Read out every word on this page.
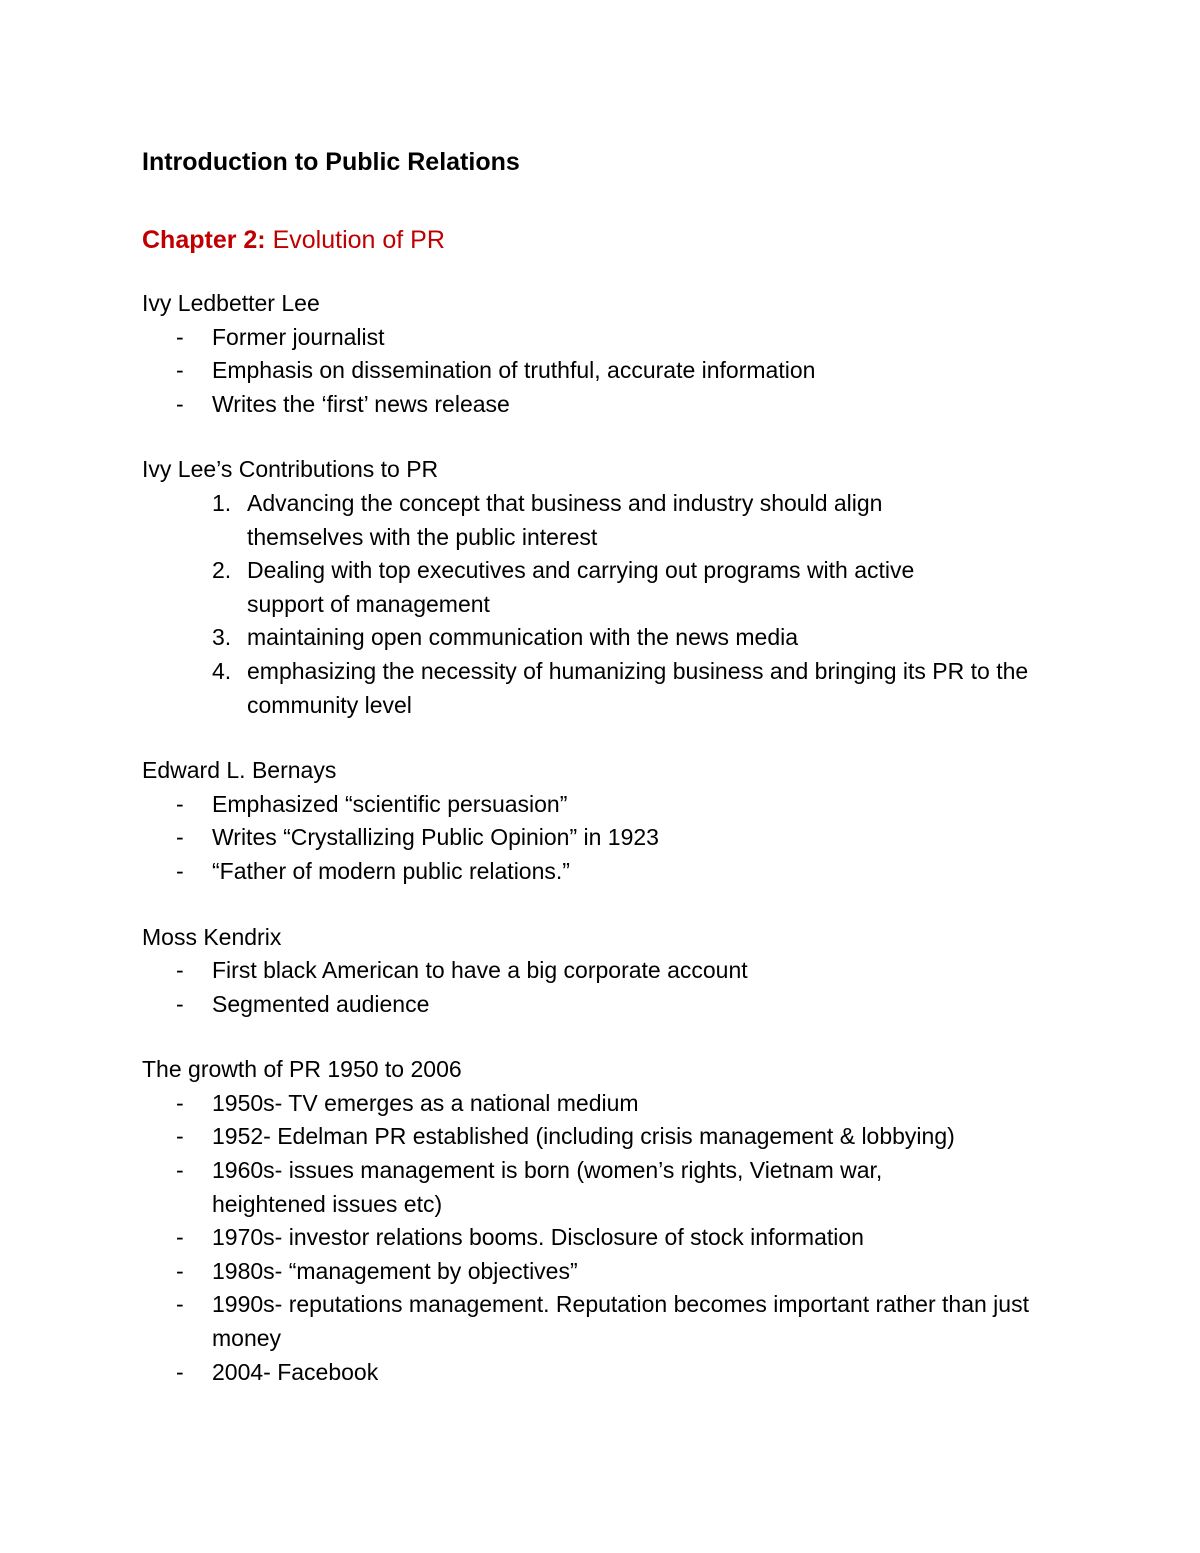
Introduction to Public Relations
Chapter 2: Evolution of PR
Ivy Ledbetter Lee
- Former journalist
- Emphasis on dissemination of truthful, accurate information
- Writes the ‘first’ news release
Ivy Lee’s Contributions to PR
1. Advancing the concept that business and industry should align themselves with the public interest
2. Dealing with top executives and carrying out programs with active support of management
3. maintaining open communication with the news media
4. emphasizing the necessity of humanizing business and bringing its PR to the community level
Edward L. Bernays
- Emphasized “scientific persuasion”
- Writes “Crystallizing Public Opinion” in 1923
- “Father of modern public relations.”
Moss Kendrix
- First black American to have a big corporate account
- Segmented audience
The growth of PR 1950 to 2006
- 1950s- TV emerges as a national medium
- 1952- Edelman PR established (including crisis management & lobbying)
- 1960s- issues management is born (women’s rights, Vietnam war, heightened issues etc)
- 1970s- investor relations booms. Disclosure of stock information
- 1980s- “management by objectives”
- 1990s- reputations management. Reputation becomes important rather than just money
- 2004- Facebook
